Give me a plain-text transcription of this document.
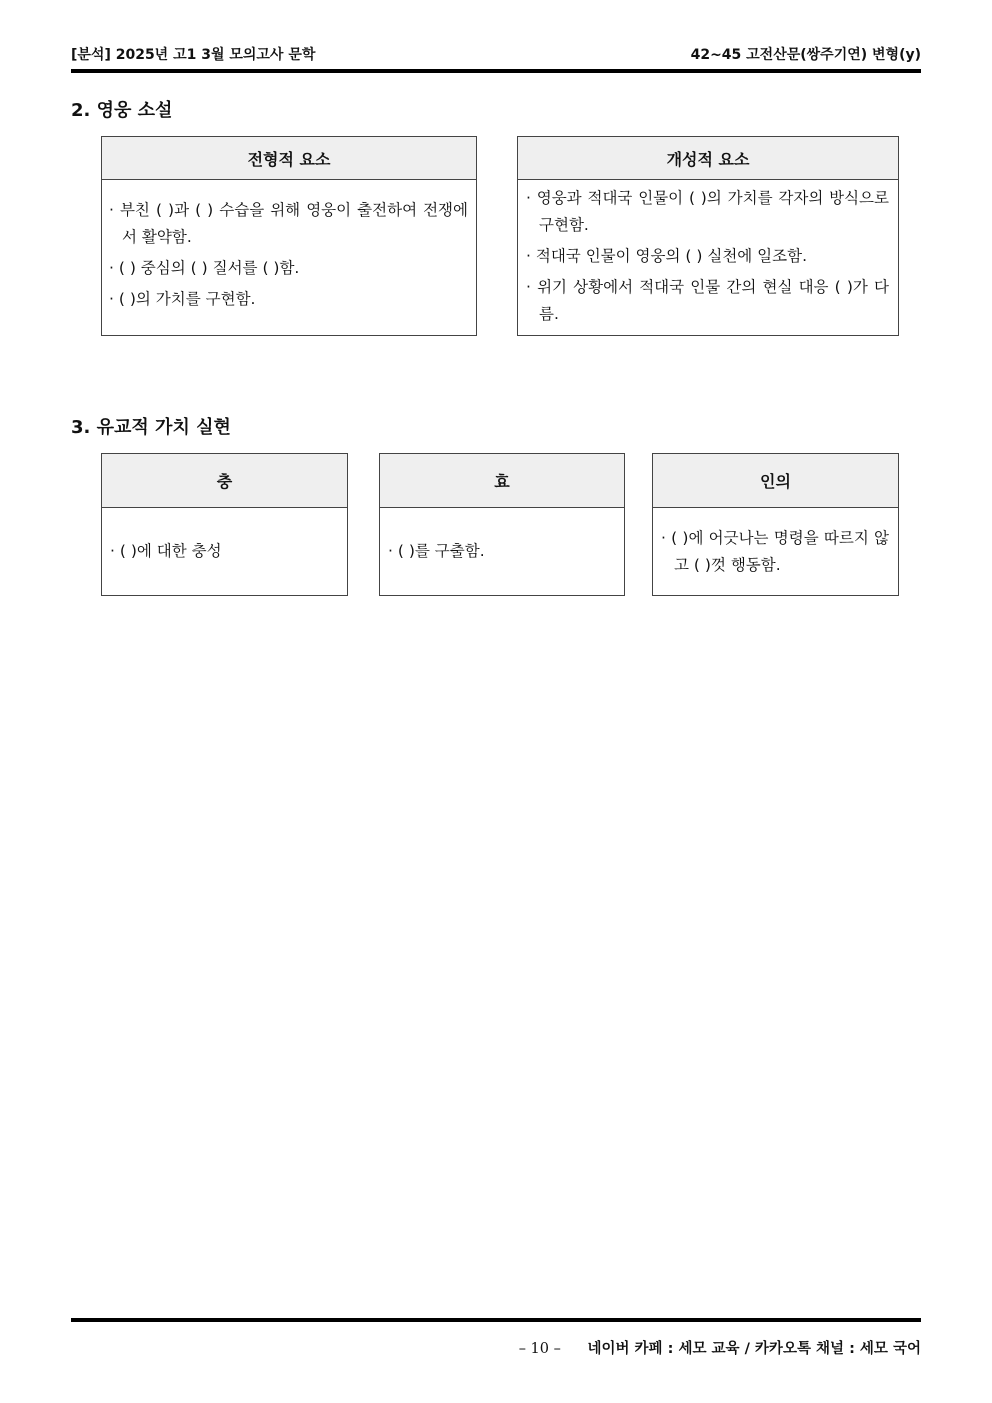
[분석] 2025년 고1 3월 모의고사 문학	42~45 고전산문(쌍주기연) 변형(y)
2. 영웅 소설
전형적 요소
· 부친 ( )과 ( ) 수습을 위해 영웅이 출전하여 전쟁에서 활약함.
· ( ) 중심의 ( ) 질서를 ( )함.
· ( )의 가치를 구현함.
개성적 요소
· 영웅과 적대국 인물이 ( )의 가치를 각자의 방식으로 구현함.
· 적대국 인물이 영웅의 ( ) 실천에 일조함.
· 위기 상황에서 적대국 인물 간의 현실 대응 ( )가 다름.
3. 유교적 가치 실현
충
· ( )에 대한 충성
효
· ( )를 구출함.
인의
· ( )에 어긋나는 명령을 따르지 않고 ( )껏 행동함.
– 10 – 네이버 카페 : 세모 교육 / 카카오톡 채널 : 세모 국어
